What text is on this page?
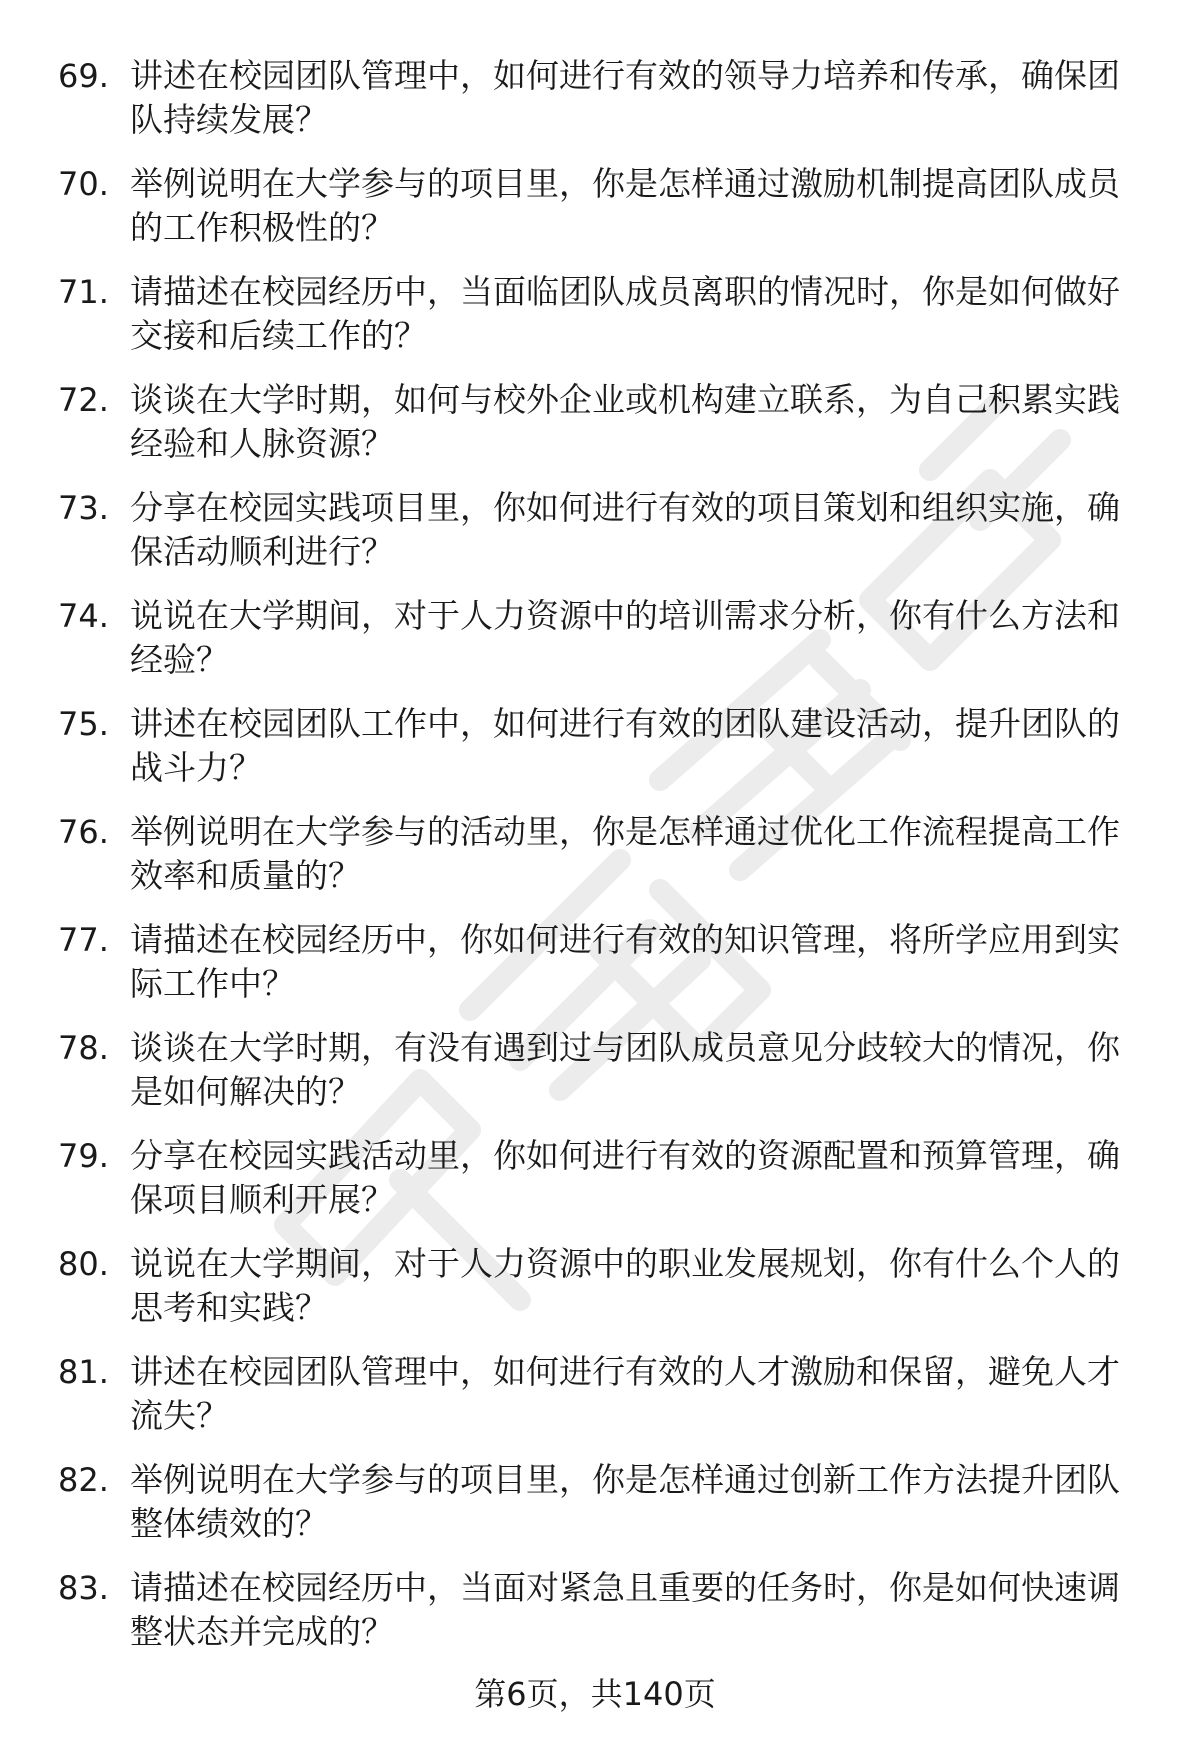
69. 讲述在校园团队管理中，如何进行有效的领导力培养和传承，确保团队持续发展？
70. 举例说明在大学参与的项目里，你是怎样通过激励机制提高团队成员的工作积极性的？
71. 请描述在校园经历中，当面临团队成员离职的情况时，你是如何做好交接和后续工作的？
72. 谈谈在大学时期，如何与校外企业或机构建立联系，为自己积累实践经验和人脉资源？
73. 分享在校园实践项目里，你如何进行有效的项目策划和组织实施，确保活动顺利进行？
74. 说说在大学期间，对于人力资源中的培训需求分析，你有什么方法和经验？
75. 讲述在校园团队工作中，如何进行有效的团队建设活动，提升团队的战斗力？
76. 举例说明在大学参与的活动里，你是怎样通过优化工作流程提高工作效率和质量的？
77. 请描述在校园经历中，你如何进行有效的知识管理，将所学应用到实际工作中？
78. 谈谈在大学时期，有没有遇到过与团队成员意见分歧较大的情况，你是如何解决的？
79. 分享在校园实践活动里，你如何进行有效的资源配置和预算管理，确保项目顺利开展？
80. 说说在大学期间，对于人力资源中的职业发展规划，你有什么个人的思考和实践？
81. 讲述在校园团队管理中，如何进行有效的人才激励和保留，避免人才流失？
82. 举例说明在大学参与的项目里，你是怎样通过创新工作方法提升团队整体绩效的？
83. 请描述在校园经历中，当面对紧急且重要的任务时，你是如何快速调整状态并完成的？
第6页，共140页
